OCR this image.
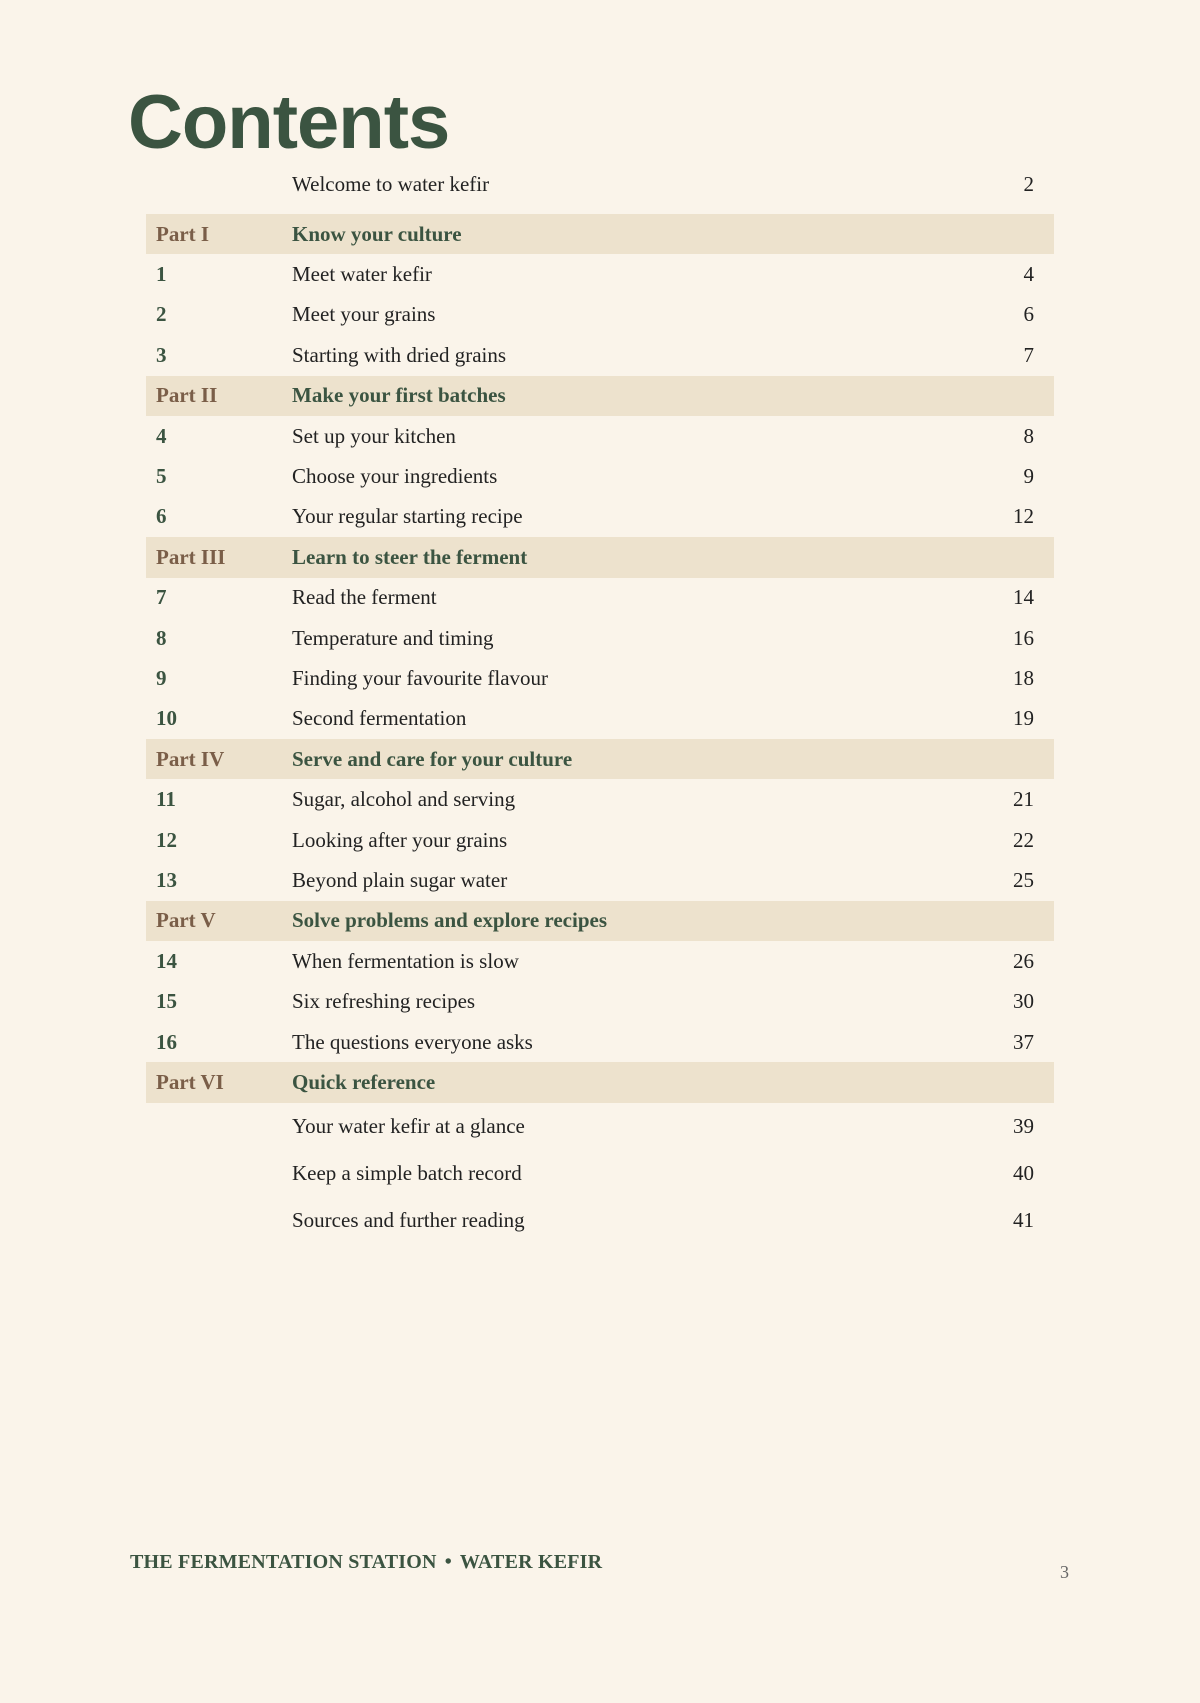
Contents
Welcome to water kefir	2
Part I	Know your culture
1	Meet water kefir	4
2	Meet your grains	6
3	Starting with dried grains	7
Part II	Make your first batches
4	Set up your kitchen	8
5	Choose your ingredients	9
6	Your regular starting recipe	12
Part III	Learn to steer the ferment
7	Read the ferment	14
8	Temperature and timing	16
9	Finding your favourite flavour	18
10	Second fermentation	19
Part IV	Serve and care for your culture
11	Sugar, alcohol and serving	21
12	Looking after your grains	22
13	Beyond plain sugar water	25
Part V	Solve problems and explore recipes
14	When fermentation is slow	26
15	Six refreshing recipes	30
16	The questions everyone asks	37
Part VI	Quick reference
Your water kefir at a glance	39
Keep a simple batch record	40
Sources and further reading	41
THE FERMENTATION STATION • WATER KEFIR	3
